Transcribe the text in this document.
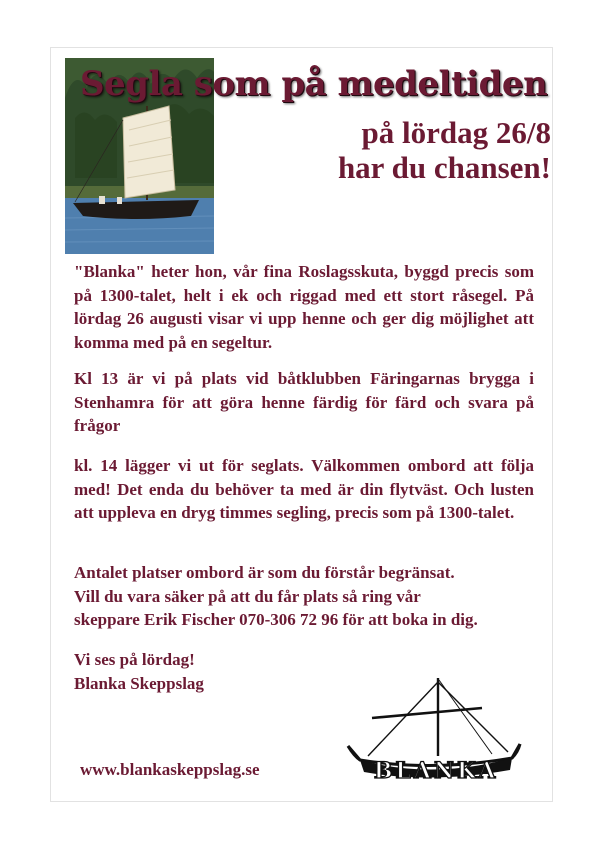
Segla som på medeltiden
på lördag 26/8
har du chansen!

"Blanka" heter hon, vår fina Roslagsskuta, byggd precis som på 1300-talet, helt i ek och riggad med ett stort råsegel. På lördag 26 augusti visar vi upp henne och ger dig möjlighet att komma med på en segeltur.

Kl 13 är vi på plats vid båtklubben Färingarnas brygga i Stenhamra för att göra henne färdig för färd och svara på frågor

kl. 14 lägger vi ut för seglats. Välkommen ombord att följa med! Det enda du behöver ta med är din flytväst. Och lusten att uppleva en dryg timmes segling, precis som på 1300-talet.

Antalet platser ombord är som du förstår begränsat.
Vill du vara säker på att du får plats så ring vår
skeppare Erik Fischer 070-306 72 96 för att boka in dig.
Vi ses på lördag!
Blanka Skeppslag
www.blankaskeppslag.se	BLANKA
